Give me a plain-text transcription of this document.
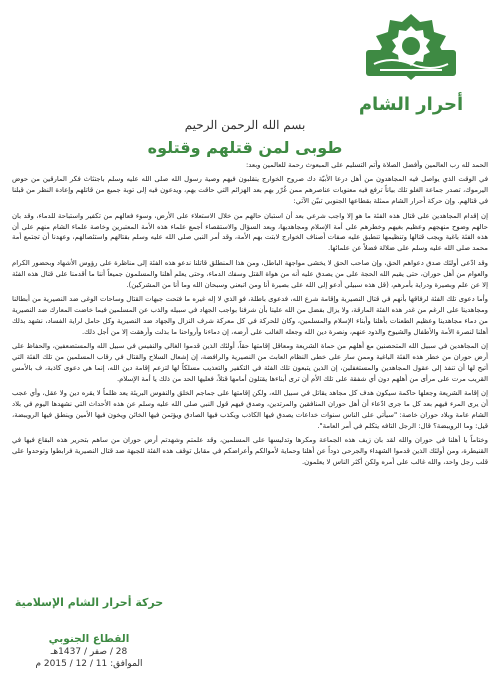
أحرار الشام
بسم الله الرحمن الرحيم
طوبى لمن قتلهم وقتلوه

الحمد لله رب العالمين وأفضل الصلاة وأتم التسليم على المبعوث رحمة للعالمين وبعد:

في الوقت الذي يواصل فيه المجاهدون من أهل درعا الأبيّة دك صروح الخوارج ينقلبون فيهم وصية رسول الله صلى الله عليه وسلم باجتثاث فكر المارقين من حوض اليرموك، تصدر جماعة الغلو تلك بياناً ترفع فيه معنويات عناصرهم ممن غُرّر بهم بعد الهزائم التي حاقت بهم، ويدعون فيه إلى توبة جميع من قاتلهم وإعادة النظر من قبلنا في قتالهم. وإن حركة أحرار الشام ممثلة بقطاعها الجنوبي تبيّن الآتي:

إن إقدام المجاهدين على قتال هذه الفئة ما هو إلا واجب شرعي بعد أن استبان حالهم من خلال الاستعلاء على الأرض، وسوء فعالهم من تكفير واستباحة للدماء، وقد بان حالهم وضوح منهجهم وعظيم بغيهم وخطرهم على أمة الإسلام ومجاهديها، وبعد السؤال والاستقصاء أجمع علماء هذه الأمة المعتبرين وخاصة علماء الشام منهم على أن هذه الفئة باغية ويجب قتالها وتنظيمها تنطبق عليه صفات أصناف الخوارج لابتت بهم الأمة، وقد أمر النبي صلى الله عليه وسلم بقتالهم واستئصالهم، وعهدنا أن تجتمع أمة محمد صلى الله عليه وسلم على ضلالة فضلاً عن علمائها.

وقد ادّعى أولئك صدق دعواهم الحق، وإن صاحب الحق لا يخشى مواجهة الباطل، ومن هذا المنطلق قاتلنا ندعو هذه الفئة إلى مناظرة على رؤوس الأشهاد وبحضور الكرام والعوام من أهل حوران، حتى يقيم الله الحجة على من يصدق عليه أنه من هواة القتل وسفك الدماء، وحتى يعلم أهلنا والمسلمون جميعاً أننا ما أقدمنا على قتال هذه الفئة إلا عن علم وبصيرة ودراية بأمرهم، (قل هذه سبيلي أدعو إلى الله على بصيرة أنا ومن اتبعني وسبحان الله وما أنا من المشركين).

وأما دعوى تلك الفئة لرفاقها بأنهم في قتال النصيرية وإقامة شرع الله، فدعوى باطلة، فو الذي لا إله غيره ما فتحت جبهات القتال وساحات الوغى ضد النصيرية من أبطالنا ومجاهدينا على الرغم من غدر هذه الفئة المارقة، ولا يزال بفضل من الله علينا بأن شرفنا بواجب الجهاد في سبيله والذب عن المسلمين فيما خاضت المعارك ضد النصيرية من دماء مجاهدينا وعظيم الطعنات بأهلنا وأبناء الإسلام والمسلمين، وكان للحركة في كل معركة شرف النزال والجهاد ضد النصيرية وكل حامل لراية الفساد، نشهد بذلك أهلنا لنصرة الأمة والأطفال والشيوخ والذود عنهم، ونصرة دين الله وجعله الغالب على أرضه، إن دماءنا وأرواحنا ما بذلت وأرهقت إلا من أجل ذلك.

إن المجاهدين في سبيل الله المتحصنين مع أهلهم من حماة الشريعة ومعاقل إقامتها حقاً، أولئك الذين قدموا الغالي والنفيس في سبيل الله والمستضعفين، والحفاظ على أرض حوران من خطر هذه الفئة الباغية وممن سار على خطى النظام العابث من النصيرية والرافضة، إن إشعال السلاح والقتال في رقاب المسلمين من تلك الفئة التي أتيح لها أن تنفذ إلى عقول المجاهدين والمستغفلين، إن الذين يتبعون تلك الفئة في التكفير والتعذيب مسلكاً لها لتزعم إقامة دين الله، إنما هي دعوى كاذبة، ف بالأمس القريب مرت على مرأى من أهلهم دون أي شفقة على تلك الأم أن ترى أبناءها يقتلون أمامها قتلاً، فعليها الحد من ذلك يا أمة الإسلام.

إن إقامة الشريعة وجعلها حاكمة سيكون هدف كل مجاهد يقاتل في سبيل الله، ولكن إقامتها على جماجم الخلق والنفوس البريئة يعد ظلماً لا يقره دين ولا عقل، وأي عجب أن يرى المرء فيهم بعد كل ما جرى ادّعاء أن أهل حوران المنافقين والمرتدين، وصدق فيهم قول النبي صلى الله عليه وسلم عن هذه الأحداث التي نشهدها اليوم في بلاد الشام عامة وبلاد حوران خاصة: "سيأتي على الناس سنوات خداعات يصدق فيها الكاذب ويكذب فيها الصادق ويؤتمن فيها الخائن ويخون فيها الأمين وينطق فيها الرويبضة، قيل: وما الرويبضة؟ قال: الرجل التافه يتكلم في أمر العامة".

وختاماً يا أهلنا في حوران والله لقد بان زيف هذه الجماعة ومكرها وتدليسها على المسلمين، وقد علمتم وشهدتم أرض حوران من ساهم بتحرير هذه البقاع فيها في القنيطرة، ومن أولئك الذين قدموا الشهداء والجرحى ذوداً عن أهلنا وحماية لأموالكم وأعراضكم في مقابل توقف هذه الفئة للجبهة ضد قتال النصيرية فرابطوا وتوحدوا على قلب رجل واحد، والله غالب على أمره ولكن أكثر الناس لا يعلمون.

حركة أحرار الشام الإسلامية
القطاع الجنوبي
28 / صفر / 1437هـ
الموافق: 11 / 12 / 2015 م
